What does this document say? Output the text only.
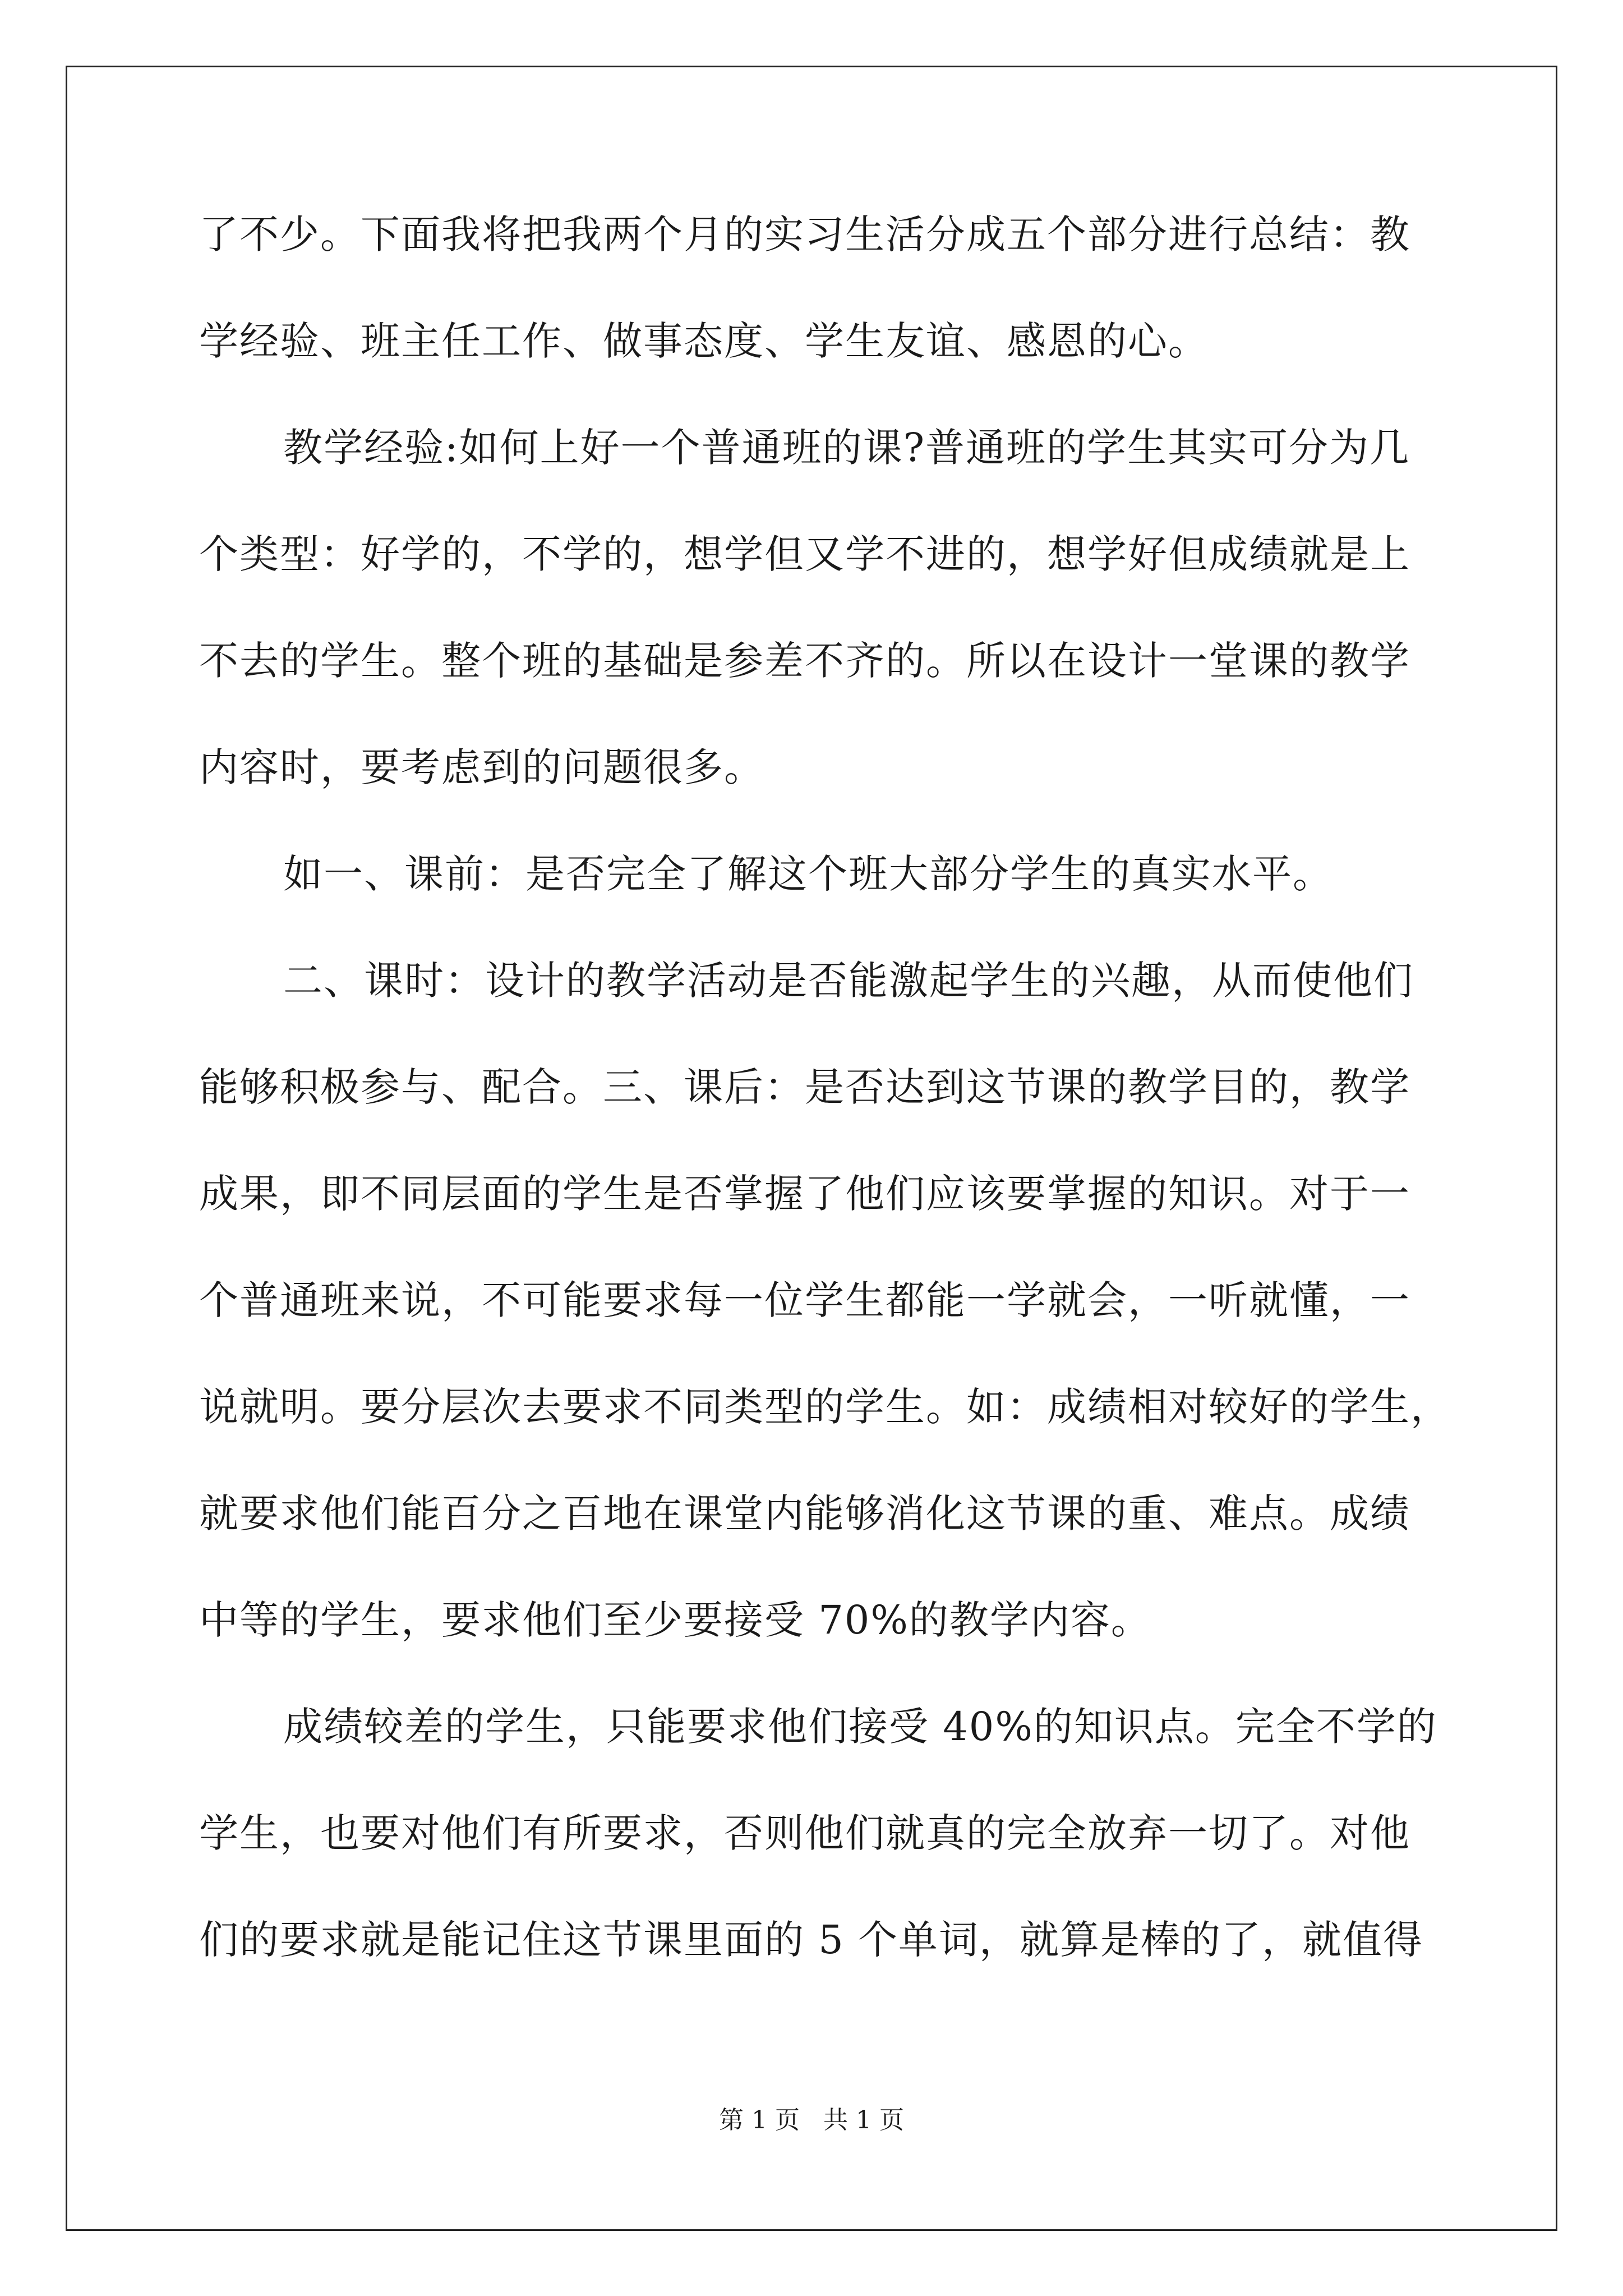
了不少。下面我将把我两个月的实习生活分成五个部分进行总结：教
学经验、班主任工作、做事态度、学生友谊、感恩的心。
教学经验:如何上好一个普通班的课?普通班的学生其实可分为几
个类型：好学的，不学的，想学但又学不进的，想学好但成绩就是上
不去的学生。整个班的基础是参差不齐的。所以在设计一堂课的教学
内容时，要考虑到的问题很多。
如一、课前：是否完全了解这个班大部分学生的真实水平。
二、课时：设计的教学活动是否能激起学生的兴趣，从而使他们
能够积极参与、配合。三、课后：是否达到这节课的教学目的，教学
成果，即不同层面的学生是否掌握了他们应该要掌握的知识。对于一
个普通班来说，不可能要求每一位学生都能一学就会，一听就懂，一
说就明。要分层次去要求不同类型的学生。如：成绩相对较好的学生，
就要求他们能百分之百地在课堂内能够消化这节课的重、难点。成绩
中等的学生，要求他们至少要接受 70%的教学内容。
成绩较差的学生，只能要求他们接受 40%的知识点。完全不学的
学生，也要对他们有所要求，否则他们就真的完全放弃一切了。对他
们的要求就是能记住这节课里面的 5 个单词，就算是棒的了，就值得
第 1 页 共 1 页
